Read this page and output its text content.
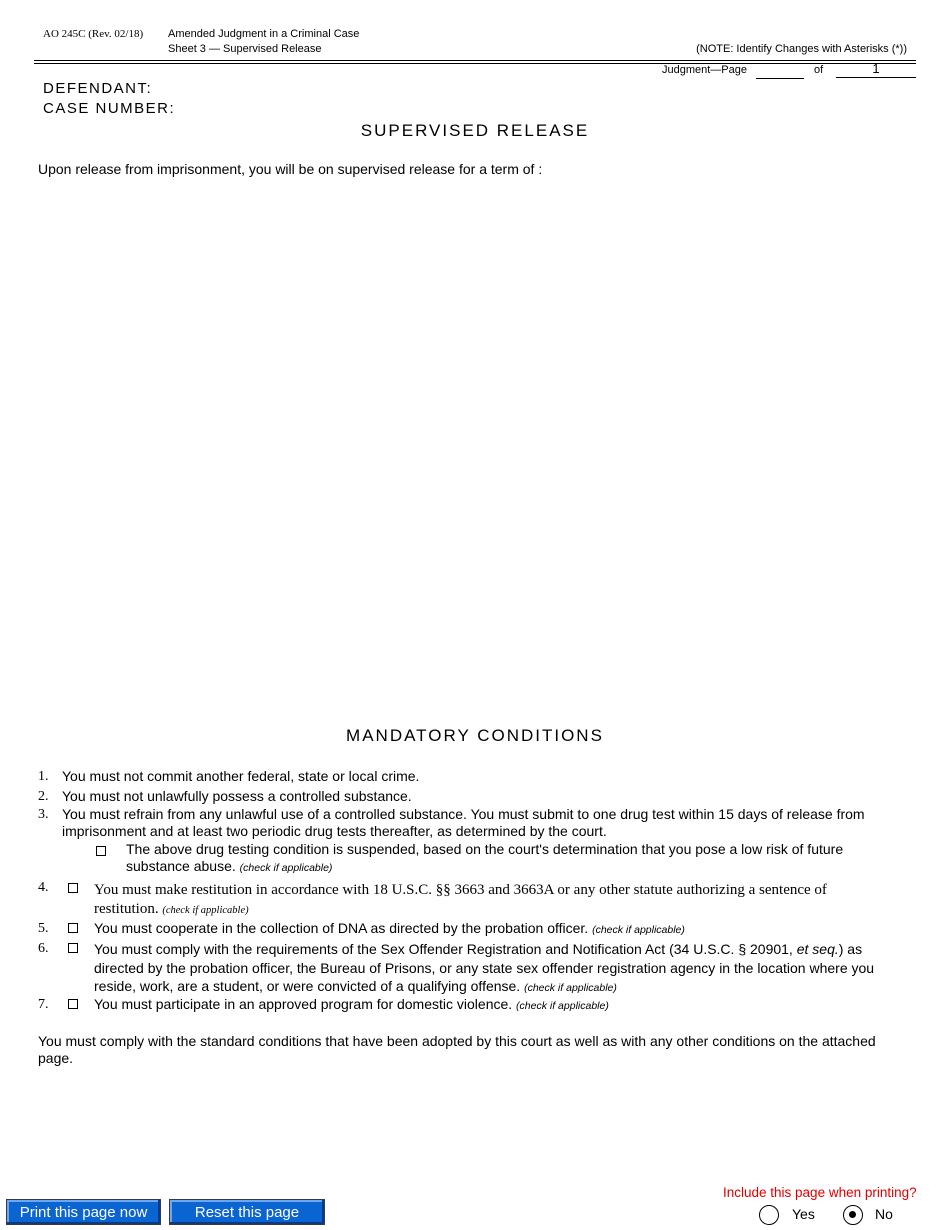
AO 245C (Rev. 02/18) Amended Judgment in a Criminal Case
Sheet 3 — Supervised Release	(NOTE: Identify Changes with Asterisks (*))
Judgment—Page	of	1
DEFENDANT:
CASE NUMBER:
SUPERVISED RELEASE
Upon release from imprisonment, you will be on supervised release for a term of :
MANDATORY CONDITIONS
1. You must not commit another federal, state or local crime.
2. You must not unlawfully possess a controlled substance.
3. You must refrain from any unlawful use of a controlled substance. You must submit to one drug test within 15 days of release from imprisonment and at least two periodic drug tests thereafter, as determined by the court.
The above drug testing condition is suspended, based on the court's determination that you pose a low risk of future substance abuse. (check if applicable)
4.	You must make restitution in accordance with 18 U.S.C. §§ 3663 and 3663A or any other statute authorizing a sentence of restitution. (check if applicable)
5.	You must cooperate in the collection of DNA as directed by the probation officer. (check if applicable)
6.	You must comply with the requirements of the Sex Offender Registration and Notification Act (34 U.S.C. § 20901, et seq.) as directed by the probation officer, the Bureau of Prisons, or any state sex offender registration agency in the location where you reside, work, are a student, or were convicted of a qualifying offense. (check if applicable)
7.	You must participate in an approved program for domestic violence. (check if applicable)
You must comply with the standard conditions that have been adopted by this court as well as with any other conditions on the attached page.
Print this page now	Reset this page
Include this page when printing?
Yes	No
